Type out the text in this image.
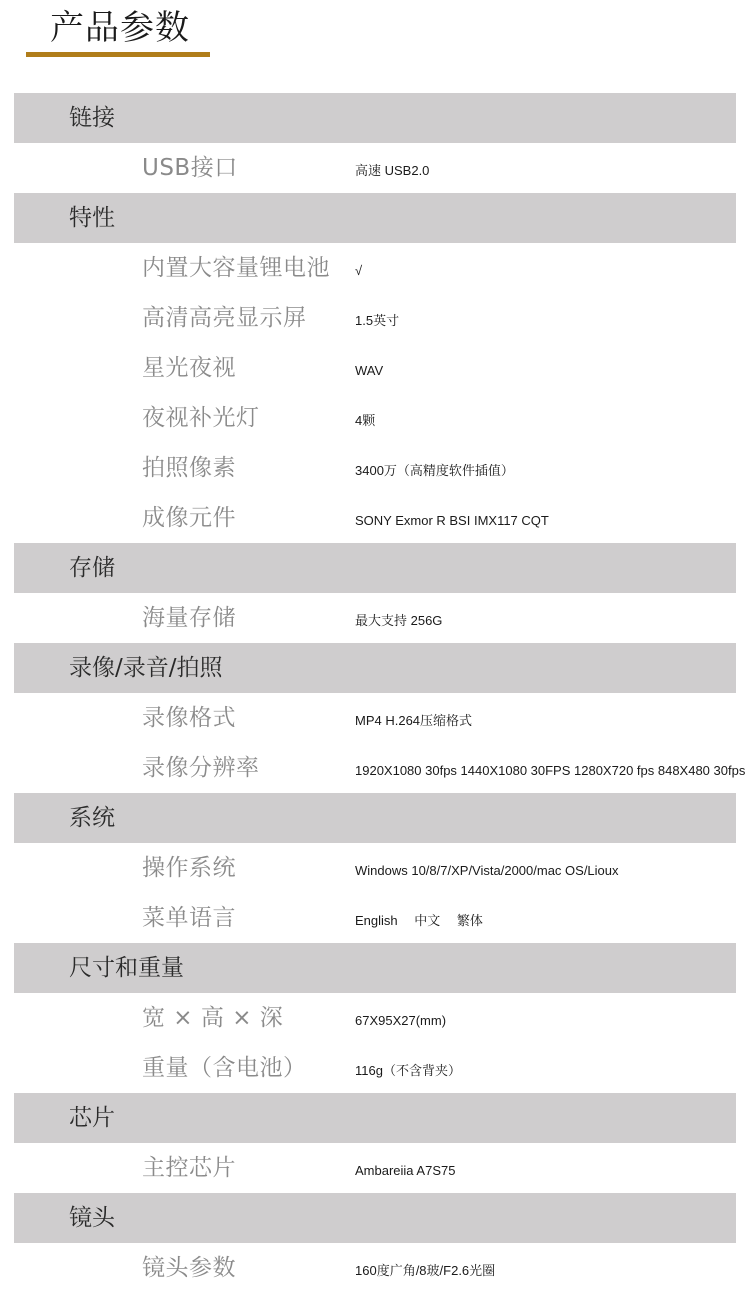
产品参数
链接
USB接口	高速 USB2.0
特性
内置大容量锂电池 √
高清高亮显示屏	1.5英寸
星光夜视	WAV
夜视补光灯	4颗
拍照像素	3400万（高精度软件插值）
成像元件	SONY Exmor R BSI IMX117 CQT
存储
海量存储	最大支持 256G
录像/录音/拍照
录像格式	MP4 H.264压缩格式
录像分辨率	1920X1080 30fps 1440X1080 30FPS 1280X720 fps 848X480 30fps
系统
操作系统	Windows 10/8/7/XP/Vista/2000/mac OS/Lioux
菜单语言	English　 中文　 繁体
尺寸和重量
宽 × 高 × 深	67X95X27(mm)
重量（含电池）	116g（不含背夹）
芯片
主控芯片	Ambareiia A7S75
镜头
镜头参数	160度广角/8玻/F2.6光圈
